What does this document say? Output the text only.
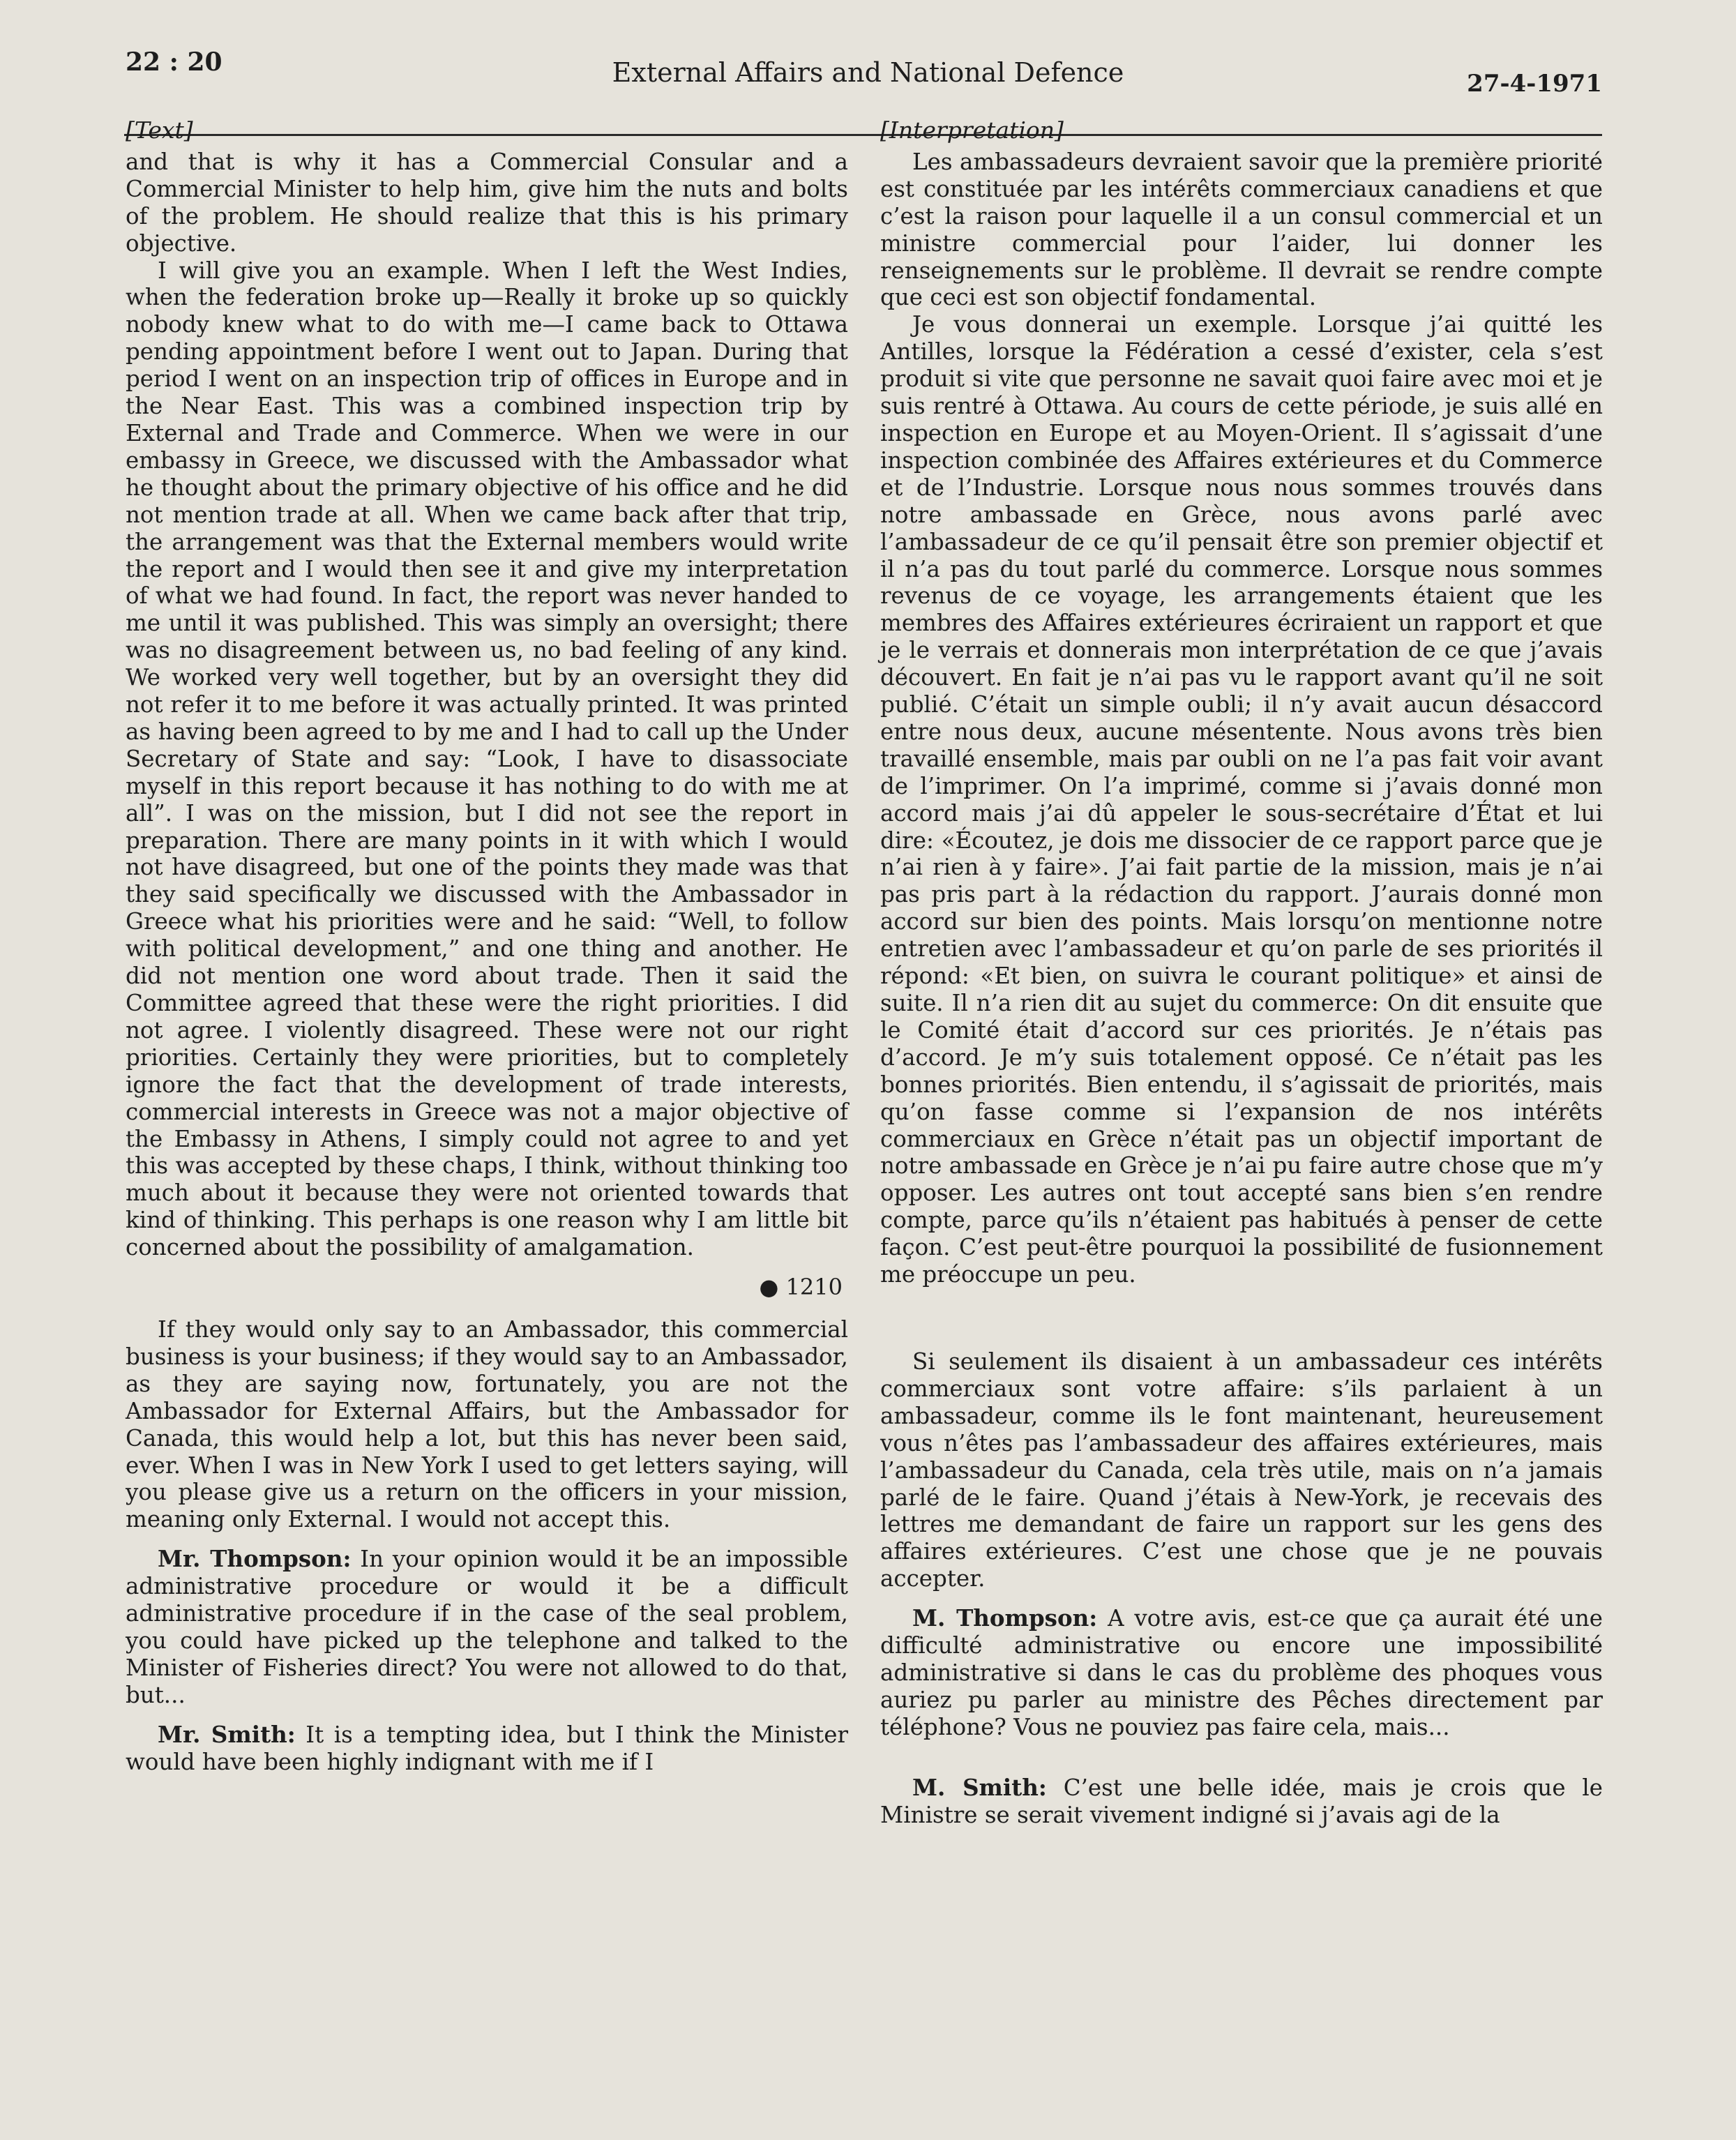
22 : 20	External Affairs and National Defence	27-4-1971
[Text]

and that is why it has a Commercial Consular and a Commercial Minister to help him, give him the nuts and bolts of the problem. He should realize that this is his primary objective.

I will give you an example. When I left the West Indies, when the federation broke up—Really it broke up so quickly nobody knew what to do with me—I came back to Ottawa pending appointment before I went out to Japan. During that period I went on an inspection trip of offices in Europe and in the Near East. This was a combined inspection trip by External and Trade and Commerce. When we were in our embassy in Greece, we discussed with the Ambassador what he thought about the primary objective of his office and he did not mention trade at all. When we came back after that trip, the arrangement was that the External members would write the report and I would then see it and give my interpretation of what we had found. In fact, the report was never handed to me until it was published. This was simply an oversight; there was no disagreement between us, no bad feeling of any kind. We worked very well together, but by an oversight they did not refer it to me before it was actually printed. It was printed as having been agreed to by me and I had to call up the Under Secretary of State and say: “Look, I have to disassociate myself in this report because it has nothing to do with me at all”. I was on the mission, but I did not see the report in preparation. There are many points in it with which I would not have disagreed, but one of the points they made was that they said specifically we discussed with the Ambassador in Greece what his priorities were and he said: “Well, to follow with political development,” and one thing and another. He did not mention one word about trade. Then it said the Committee agreed that these were the right priorities. I did not agree. I violently disagreed. These were not our right priorities. Certainly they were priorities, but to completely ignore the fact that the development of trade interests, commercial interests in Greece was not a major objective of the Embassy in Athens, I simply could not agree to and yet this was accepted by these chaps, I think, without thinking too much about it because they were not oriented towards that kind of thinking. This perhaps is one reason why I am little bit concerned about the possibility of amalgamation.

● 1210

If they would only say to an Ambassador, this commercial business is your business; if they would say to an Ambassador, as they are saying now, fortunately, you are not the Ambassador for External Affairs, but the Ambassador for Canada, this would help a lot, but this has never been said, ever. When I was in New York I used to get letters saying, will you please give us a return on the officers in your mission, meaning only External. I would not accept this.

Mr. Thompson: In your opinion would it be an impossible administrative procedure or would it be a difficult administrative procedure if in the case of the seal problem, you could have picked up the telephone and talked to the Minister of Fisheries direct? You were not allowed to do that, but...

Mr. Smith: It is a tempting idea, but I think the Minister would have been highly indignant with me if I

[Interpretation]

Les ambassadeurs devraient savoir que la première priorité est constituée par les intérêts commerciaux canadiens et que c’est la raison pour laquelle il a un consul commercial et un ministre commercial pour l’aider, lui donner les renseignements sur le problème. Il devrait se rendre compte que ceci est son objectif fondamental.

Je vous donnerai un exemple. Lorsque j’ai quitté les Antilles, lorsque la Fédération a cessé d’exister, cela s’est produit si vite que personne ne savait quoi faire avec moi et je suis rentré à Ottawa. Au cours de cette période, je suis allé en inspection en Europe et au Moyen-Orient. Il s’agissait d’une inspection combinée des Affaires extérieures et du Commerce et de l’Industrie. Lorsque nous nous sommes trouvés dans notre ambassade en Grèce, nous avons parlé avec l’ambassadeur de ce qu’il pensait être son premier objectif et il n’a pas du tout parlé du commerce. Lorsque nous sommes revenus de ce voyage, les arrangements étaient que les membres des Affaires extérieures écriraient un rapport et que je le verrais et donnerais mon interprétation de ce que j’avais découvert. En fait je n’ai pas vu le rapport avant qu’il ne soit publié. C’était un simple oubli; il n’y avait aucun désaccord entre nous deux, aucune mésentente. Nous avons très bien travaillé ensemble, mais par oubli on ne l’a pas fait voir avant de l’imprimer. On l’a imprimé, comme si j’avais donné mon accord mais j’ai dû appeler le sous-secrétaire d’État et lui dire: «Écoutez, je dois me dissocier de ce rapport parce que je n’ai rien à y faire». J’ai fait partie de la mission, mais je n’ai pas pris part à la rédaction du rapport. J’aurais donné mon accord sur bien des points. Mais lorsqu’on mentionne notre entretien avec l’ambassadeur et qu’on parle de ses priorités il répond: «Et bien, on suivra le courant politique» et ainsi de suite. Il n’a rien dit au sujet du commerce: On dit ensuite que le Comité était d’accord sur ces priorités. Je n’étais pas d’accord. Je m’y suis totalement opposé. Ce n’était pas les bonnes priorités. Bien entendu, il s’agissait de priorités, mais qu’on fasse comme si l’expansion de nos intérêts commerciaux en Grèce n’était pas un objectif important de notre ambassade en Grèce je n’ai pu faire autre chose que m’y opposer. Les autres ont tout accepté sans bien s’en rendre compte, parce qu’ils n’étaient pas habitués à penser de cette façon. C’est peut-être pourquoi la possibilité de fusionnement me préoccupe un peu.

Si seulement ils disaient à un ambassadeur ces intérêts commerciaux sont votre affaire: s’ils parlaient à un ambassadeur, comme ils le font maintenant, heureusement vous n’êtes pas l’ambassadeur des affaires extérieures, mais l’ambassadeur du Canada, cela très utile, mais on n’a jamais parlé de le faire. Quand j’étais à New-York, je recevais des lettres me demandant de faire un rapport sur les gens des affaires extérieures. C’est une chose que je ne pouvais accepter.

M. Thompson: A votre avis, est-ce que ça aurait été une difficulté administrative ou encore une impossibilité administrative si dans le cas du problème des phoques vous auriez pu parler au ministre des Pêches directement par téléphone? Vous ne pouviez pas faire cela, mais...

M. Smith: C’est une belle idée, mais je crois que le Ministre se serait vivement indigné si j’avais agi de la
